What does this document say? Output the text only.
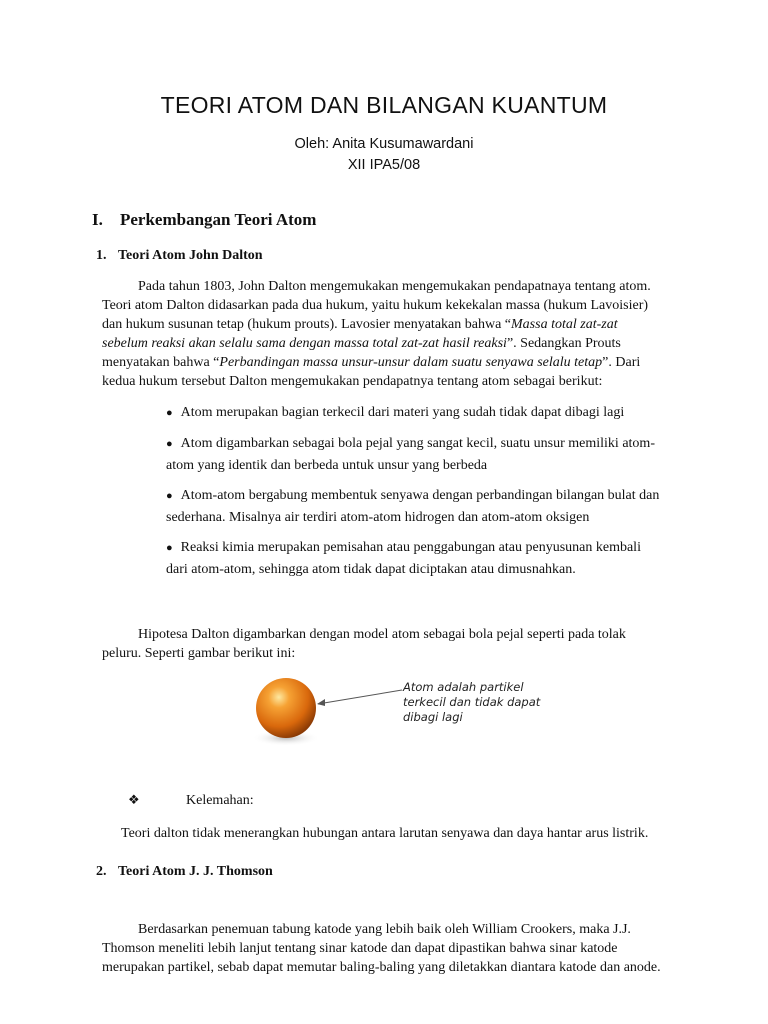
TEORI ATOM DAN BILANGAN KUANTUM
Oleh: Anita Kusumawardani
XII IPA5/08
I. Perkembangan Teori Atom
1. Teori Atom John Dalton

Pada tahun 1803, John Dalton mengemukakan mengemukakan pendapatnaya tentang atom.

Teori atom Dalton didasarkan pada dua hukum, yaitu hukum kekekalan massa (hukum Lavoisier)

dan hukum susunan tetap (hukum prouts). Lavosier menyatakan bahwa “Massa total zat-zat

sebelum reaksi akan selalu sama dengan massa total zat-zat hasil reaksi”. Sedangkan Prouts

menyatakan bahwa “Perbandingan massa unsur-unsur dalam suatu senyawa selalu tetap”. Dari

kedua hukum tersebut Dalton mengemukakan pendapatnya tentang atom sebagai berikut:

● Atom merupakan bagian terkecil dari materi yang sudah tidak dapat dibagi lagi
● Atom digambarkan sebagai bola pejal yang sangat kecil, suatu unsur memiliki atom-
atom yang identik dan berbeda untuk unsur yang berbeda
● Atom-atom bergabung membentuk senyawa dengan perbandingan bilangan bulat dan
sederhana. Misalnya air terdiri atom-atom hidrogen dan atom-atom oksigen
● Reaksi kimia merupakan pemisahan atau penggabungan atau penyusunan kembali
dari atom-atom, sehingga atom tidak dapat diciptakan atau dimusnahkan.

Hipotesa Dalton digambarkan dengan model atom sebagai bola pejal seperti pada tolak

peluru. Seperti gambar berikut ini:

Atom adalah partikel
terkecil dan tidak dapat
dibagi lagi
❖	Kelemahan:
Teori dalton tidak menerangkan hubungan antara larutan senyawa dan daya hantar arus listrik.
2. Teori Atom J. J. Thomson

Berdasarkan penemuan tabung katode yang lebih baik oleh William Crookers, maka J.J.

Thomson meneliti lebih lanjut tentang sinar katode dan dapat dipastikan bahwa sinar katode

merupakan partikel, sebab dapat memutar baling-baling yang diletakkan diantara katode dan anode.
